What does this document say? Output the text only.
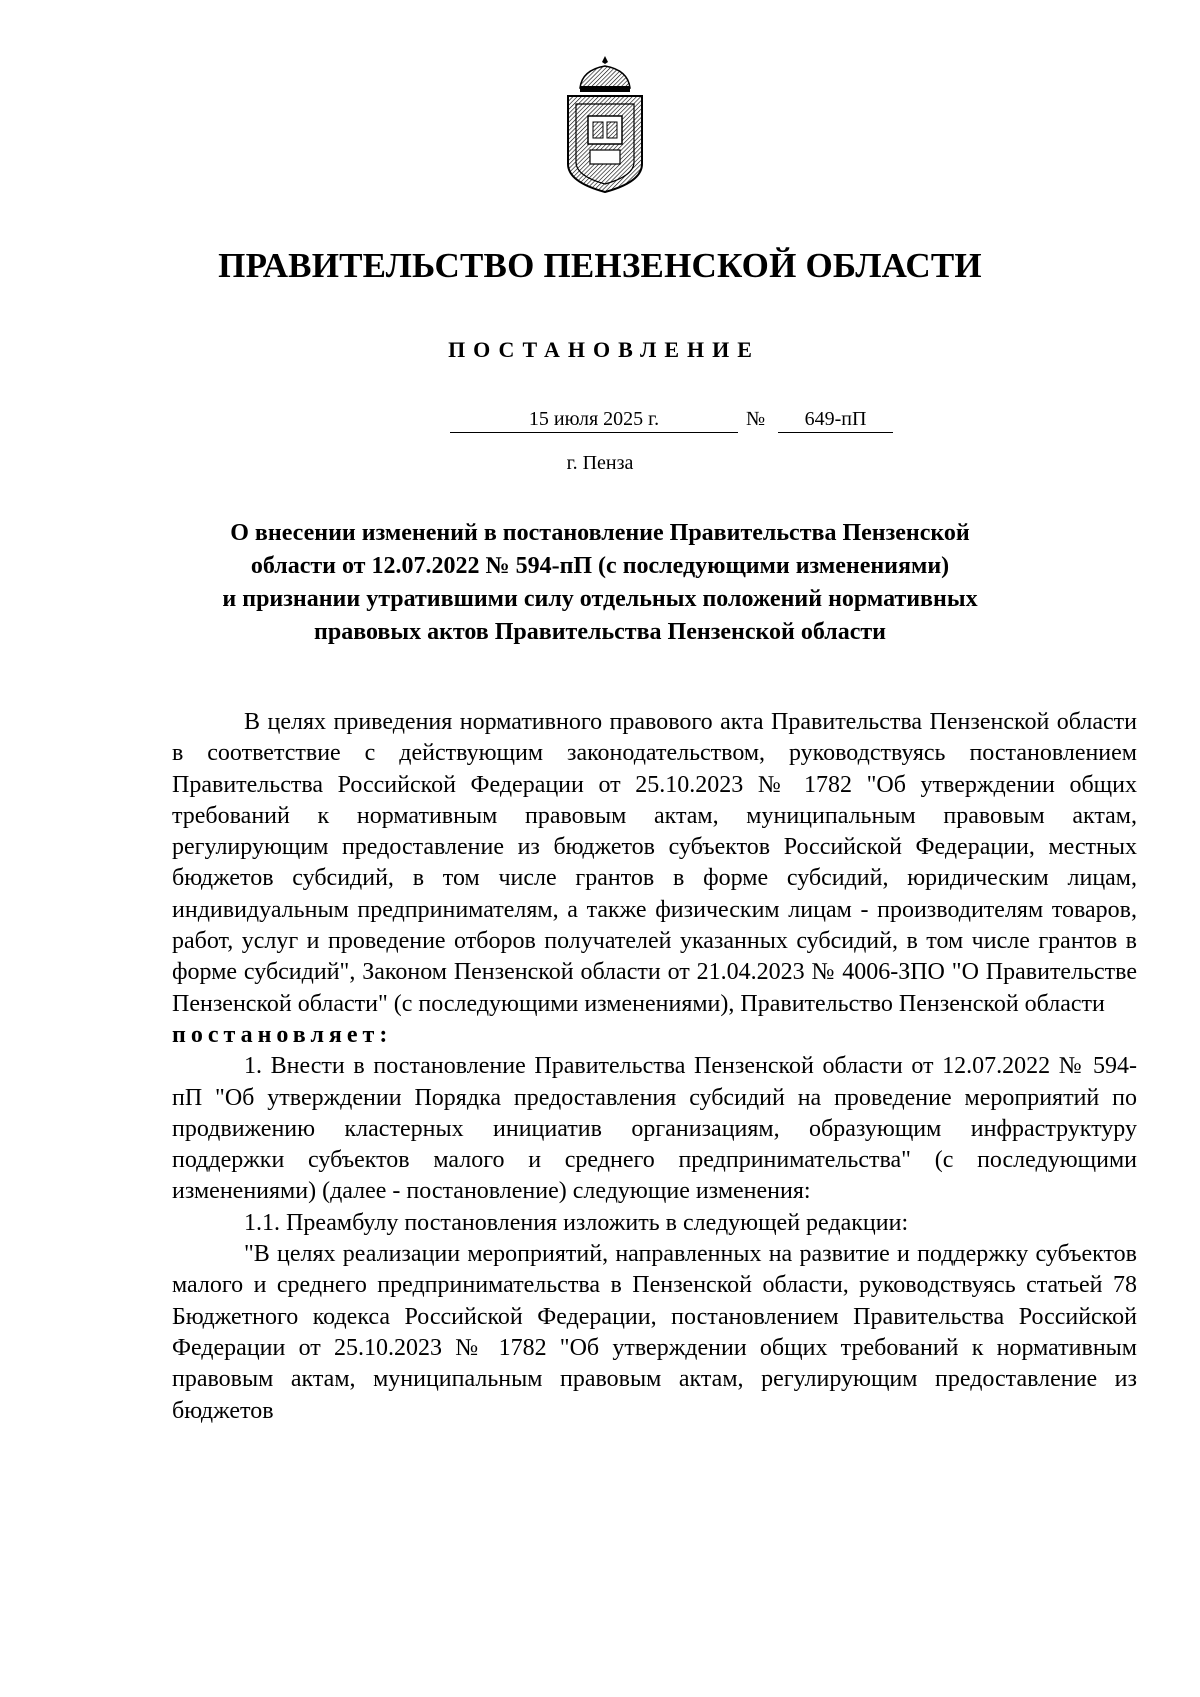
ПРАВИТЕЛЬСТВО ПЕНЗЕНСКОЙ ОБЛАСТИ
ПОСТАНОВЛЕНИЕ
15 июля 2025 г.	№	649-пП
г. Пенза
О внесении изменений в постановление Правительства Пензенской
области от 12.07.2022 № 594-пП (с последующими изменениями)
и признании утратившими силу отдельных положений нормативных
правовых актов Правительства Пензенской области

В целях приведения нормативного правового акта Правительства Пензенской области в соответствие с действующим законодательством, руководствуясь постановлением Правительства Российской Федерации от 25.10.2023 № 1782 "Об утверждении общих требований к нормативным правовым актам, муниципальным правовым актам, регулирующим предоставление из бюджетов субъектов Российской Федерации, местных бюджетов субсидий, в том числе грантов в форме субсидий, юридическим лицам, индивидуальным предпринимателям, а также физическим лицам - производителям товаров, работ, услуг и проведение отборов получателей указанных субсидий, в том числе грантов в форме субсидий", Законом Пензенской области от 21.04.2023 № 4006-ЗПО "О Правительстве Пензенской области" (с последующими изменениями), Правительство Пензенской области

постановляет:

1. Внести в постановление Правительства Пензенской области от 12.07.2022 № 594-пП "Об утверждении Порядка предоставления субсидий на проведение мероприятий по продвижению кластерных инициатив организациям, образующим инфраструктуру поддержки субъектов малого и среднего предпринимательства" (с последующими изменениями) (далее - постановление) следующие изменения:

1.1. Преамбулу постановления изложить в следующей редакции:

"В целях реализации мероприятий, направленных на развитие и поддержку субъектов малого и среднего предпринимательства в Пензенской области, руководствуясь статьей 78 Бюджетного кодекса Российской Федерации, постановлением Правительства Российской Федерации от 25.10.2023 № 1782 "Об утверждении общих требований к нормативным правовым актам, муниципальным правовым актам, регулирующим предоставление из бюджетов
